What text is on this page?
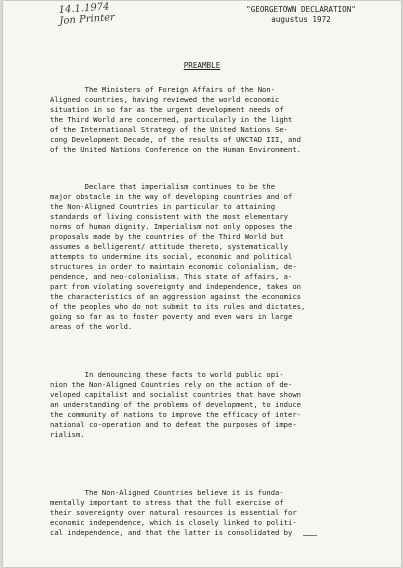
14.1.1974
Jon Printer
"GEORGETOWN DECLARATION"
augustus 1972
PREAMBLE
The Ministers of Foreign Affairs of the Non-
Aligned countries, having reviewed the world economic
situation in so far as the urgent development needs of
the Third World are concerned, particularly in the light
of the International Strategy of the United Nations Se-
cong Development Decade, of the results of UNCTAD III, and
of the United Nations Conference on the Human Environment.
Declare that imperialism continues to be the
major obstacle in the way of developing countries and of
the Non-Aligned Countries in particular to attaining
standards of living consistent with the most elementary
norms of human dignity. Imperialism not only opposes the
proposals made by the countries of the Third World but
assumes a belligerent/ attitude thereto, systematically
attempts to undermine its social, economic and political
structures in order to maintain economic colonialism, de-
pendence, and neo-colonialism. This state of affairs, a-
part from violating sovereignty and independence, takes on
the characteristics of an aggression against the economics
of the peoples who do not submit to its rules and dictates,
going so far as to foster poverty and even wars in large
areas of the world.
In denouncing these facts to world public opi-
nion the Non-Aligned Countries rely on the action of de-
veloped capitalist and socialist countries that have shown
an understanding of the problems of development, to induce
the community of nations to improve the efficacy of inter-
national co-operation and to defeat the purposes of impe-
rialism.
The Non-Aligned Countries believe it is funda-
mentally important to stress that the full exercise of
their sovereignty over natural resources is essential for
economic independence, which is closely linked to politi-
cal independence, and that the latter is consolidated by
